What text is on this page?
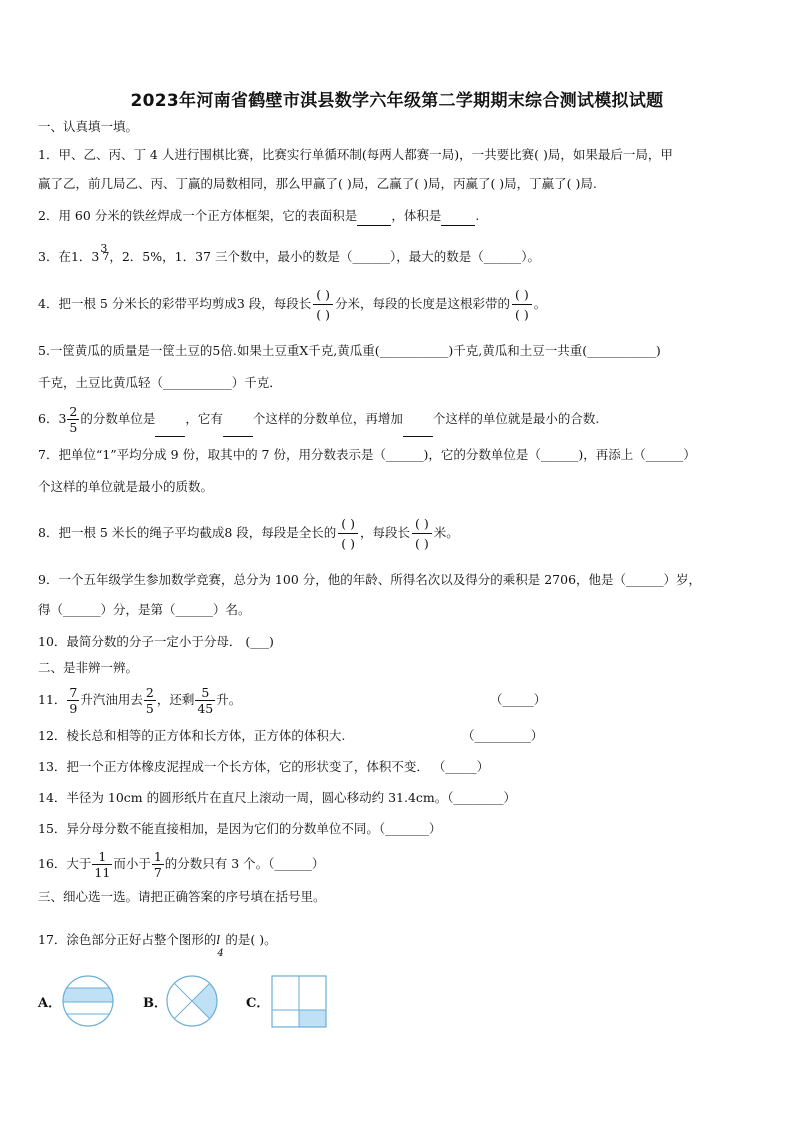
2023年河南省鹤壁市淇县数学六年级第二学期期末综合测试模拟试题
一、认真填一填。
1．甲、乙、丙、丁 4 人进行围棋比赛，比赛实行单循环制(每两人都赛一局)，一共要比赛( )局，如果最后一局，甲
赢了乙，前几局乙、丙、丁赢的局数相同，那么甲赢了( )局，乙赢了( )局，丙赢了( )局，丁赢了( )局.
2．用 60 分米的铁丝焊成一个正方体框架，它的表面积是	，体积是	.
3．在1．3
3
7 ，2．5%，1．37 三个数中，最小的数是（______），最大的数是（______）。
4．把一根 5 分米长的彩带平均剪成3 段，每段长
( )
( )
分米，每段的长度是这根彩带的
( )
( )
。
5.一筐黄瓜的质量是一筐土豆的5倍.如果土豆重X千克,黄瓜重(___________)千克,黄瓜和土豆一共重(___________)
千克，土豆比黄瓜轻（___________）千克．
6．$3 \frac{2}{5}$ 的分数单位是 ，它有 个这样的分数单位，再增加 个这样的单位就是最小的合数.
7．把单位“1”平均分成 9 份，取其中的 7 份，用分数表示是（______)，它的分数单位是（______)，再添上（______）
个这样的单位就是最小的质数。
8．把一根 5 米长的绳子平均截成8 段，每段是全长的
( )
( )
，每段长
( )
( )
米。
9．一个五年级学生参加数学竞赛，总分为 100 分，他的年龄、所得名次以及得分的乘积是 2706，他是（______）岁，
得（______）分，是第（______）名。
10．最简分数的分子一定小于分母． (___)
二、是非辨一辨。
11． $\frac{7}{9}$ 升汽油用去 $\frac{2}{5}$ ，还剩 $\frac{5}{45}$ 升。	（_____）
12．棱长总和相等的正方体和长方体，正方体的体积大.	（_________）
13．把一个正方体橡皮泥捏成一个长方体，它的形状变了，体积不变． （_____）
14．半径为 10cm 的圆形纸片在直尺上滚动一周，圆心移动约 31.4cm。（________）
15．异分母分数不能直接相加，是因为它们的分数单位不同。（_______）
16．大于 $\frac{1}{11}$ 而小于 $\frac{1}{7}$ 的分数只有 3 个。（______）
三、细心选一选。请把正确答案的序号填在括号里。
17．涂色部分正好占整个图形的 l
4
的是( )。
A．	B．	C．
